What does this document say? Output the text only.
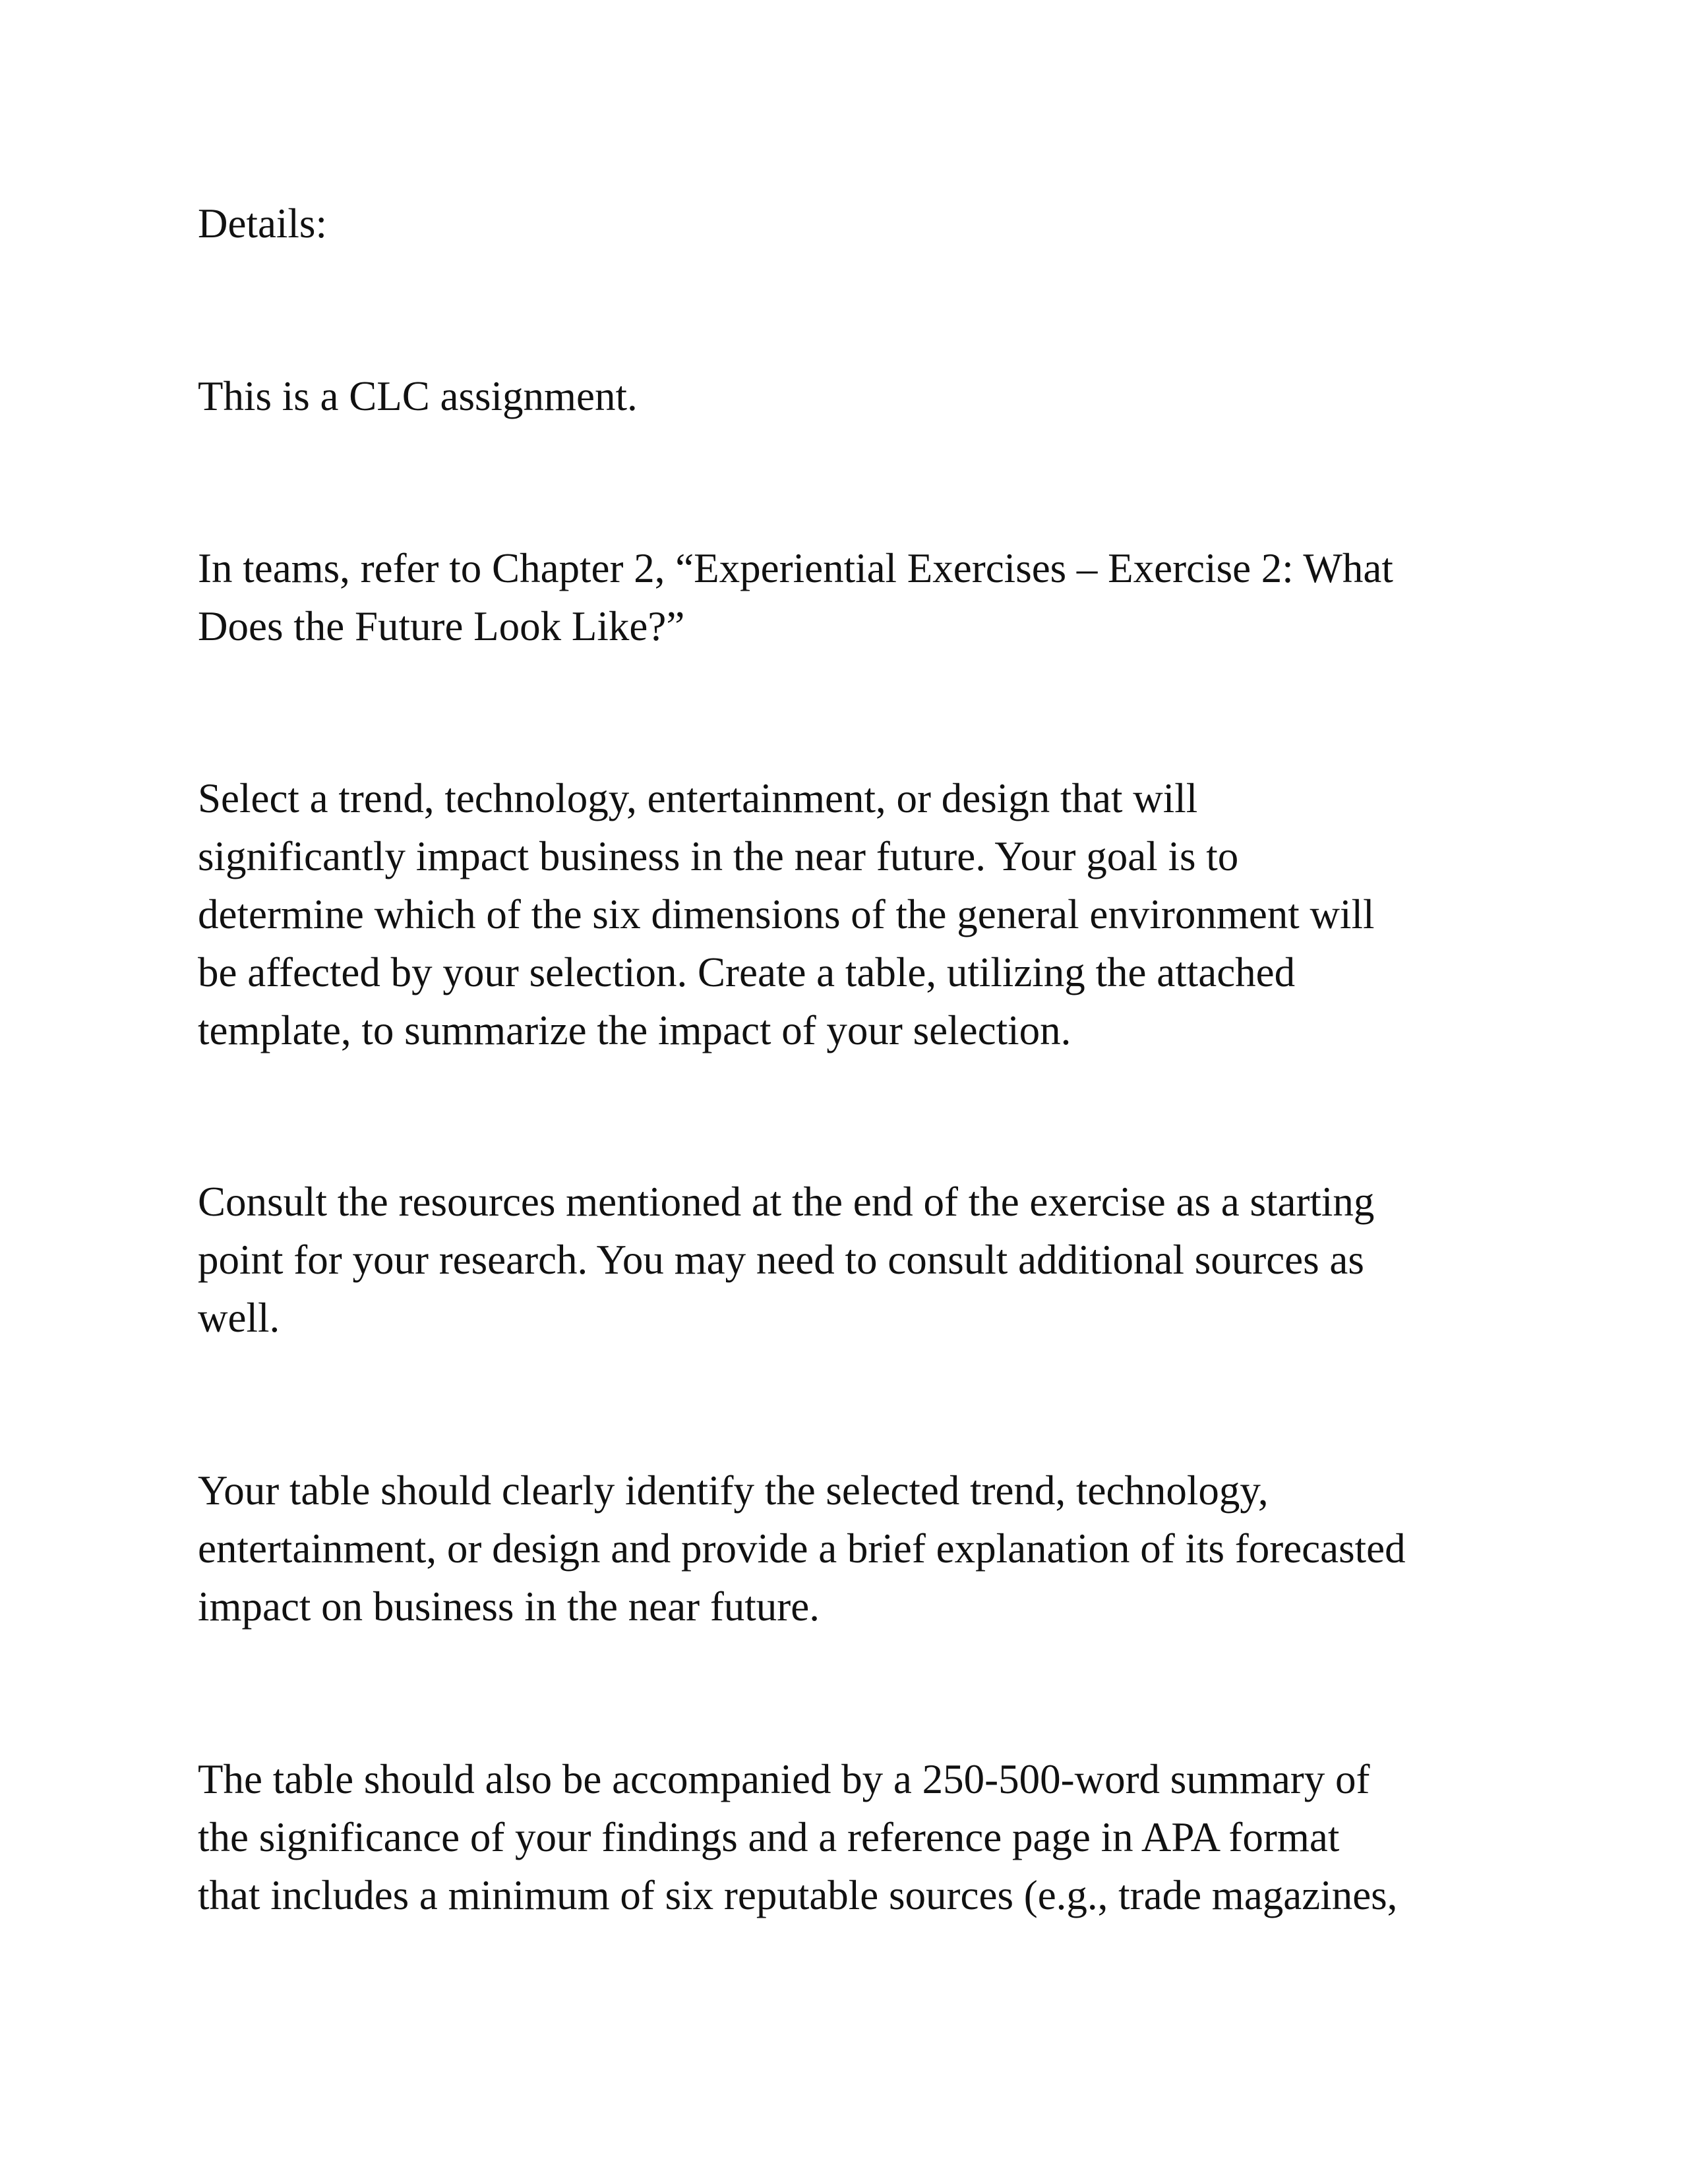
Details:

This is a CLC assignment.

In teams, refer to Chapter 2, “Experiential Exercises – Exercise 2: What
Does the Future Look Like?”

Select a trend, technology, entertainment, or design that will
significantly impact business in the near future. Your goal is to
determine which of the six dimensions of the general environment will
be affected by your selection. Create a table, utilizing the attached
template, to summarize the impact of your selection.

Consult the resources mentioned at the end of the exercise as a starting
point for your research. You may need to consult additional sources as
well.

Your table should clearly identify the selected trend, technology,
entertainment, or design and provide a brief explanation of its forecasted
impact on business in the near future.

The table should also be accompanied by a 250-500-word summary of
the significance of your findings and a reference page in APA format
that includes a minimum of six reputable sources (e.g., trade magazines,
